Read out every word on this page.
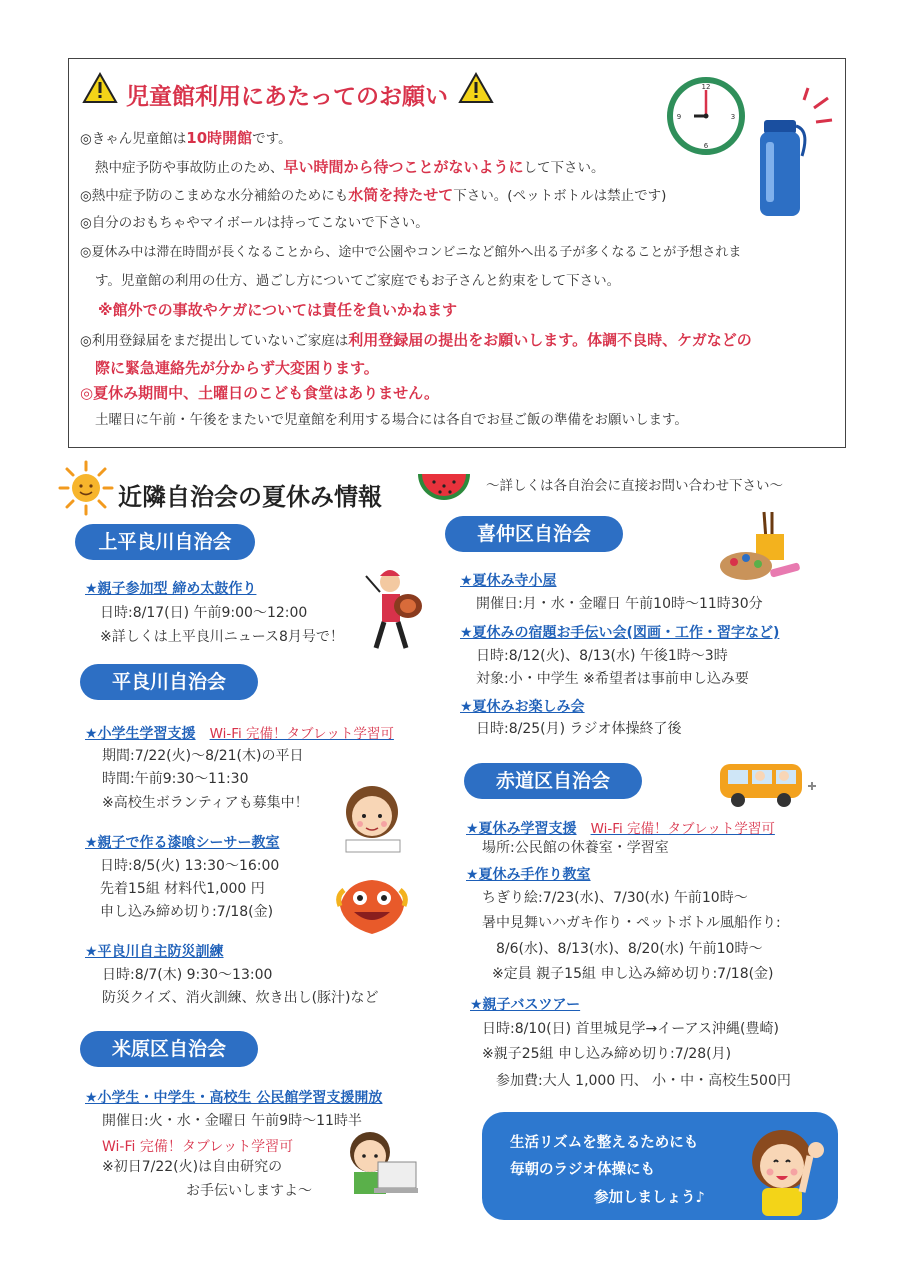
児童館利用にあたってのお願い	12
3
6
9
◎きゃん児童館は10時開館です。
熱中症予防や事故防止のため、早い時間から待つことがないようにして下さい。
◎熱中症予防のこまめな水分補給のためにも水筒を持たせて下さい。(ペットボトルは禁止です)
◎自分のおもちゃやマイボールは持ってこないで下さい。
◎夏休み中は滞在時間が長くなることから、途中で公園やコンビニなど館外へ出る子が多くなることが予想されま
す。児童館の利用の仕方、過ごし方についてご家庭でもお子さんと約束をして下さい。
※館外での事故やケガについては責任を負いかねます
◎利用登録届をまだ提出していないご家庭は利用登録届の提出をお願いします。体調不良時、ケガなどの
際に緊急連絡先が分からず大変困ります。
◎夏休み期間中、土曜日のこども食堂はありません。
土曜日に午前・午後をまたいで児童館を利用する場合には各自でお昼ご飯の準備をお願いします。
近隣自治会の夏休み情報	～詳しくは各自治会に直接お問い合わせ下さい～
上平良川自治会
★親子参加型 締め太鼓作り
日時:8/17(日) 午前9:00～12:00
※詳しくは上平良川ニュース8月号で！
平良川自治会
★小学生学習支援 Wi-Fi 完備！タブレット学習可
期間:7/22(火)～8/21(木)の平日
時間:午前9:30～11:30
※高校生ボランティアも募集中！
★親子で作る漆喰シーサー教室
日時:8/5(火) 13:30～16:00
先着15組 材料代1,000 円
申し込み締め切り:7/18(金)
★平良川自主防災訓練
日時:8/7(木) 9:30～13:00
防災クイズ、消火訓練、炊き出し(豚汁)など
米原区自治会
★小学生・中学生・高校生 公民館学習支援開放
開催日:火・水・金曜日 午前9時～11時半
Wi-Fi 完備！タブレット学習可
※初日7/22(火)は自由研究の
お手伝いしますよ～
喜仲区自治会
★夏休み寺小屋
開催日:月・水・金曜日 午前10時～11時30分
★夏休みの宿題お手伝い会(図画・工作・習字など)
日時:8/12(火)、8/13(水) 午後1時～3時
対象:小・中学生 ※希望者は事前申し込み要
★夏休みお楽しみ会
日時:8/25(月) ラジオ体操終了後
赤道区自治会
★夏休み学習支援 Wi-Fi 完備！タブレット学習可
場所:公民館の休養室・学習室
★夏休み手作り教室
ちぎり絵:7/23(水)、7/30(水) 午前10時～
暑中見舞いハガキ作り・ペットボトル風船作り:
8/6(水)、8/13(水)、8/20(水) 午前10時～
※定員 親子15組 申し込み締め切り:7/18(金)
★親子バスツアー
日時:8/10(日) 首里城見学→イーアス沖縄(豊崎)
※親子25組 申し込み締め切り:7/28(月)
参加費:大人 1,000 円、 小・中・高校生500円
生活リズムを整えるためにも
毎朝のラジオ体操にも
参加しましょう♪
